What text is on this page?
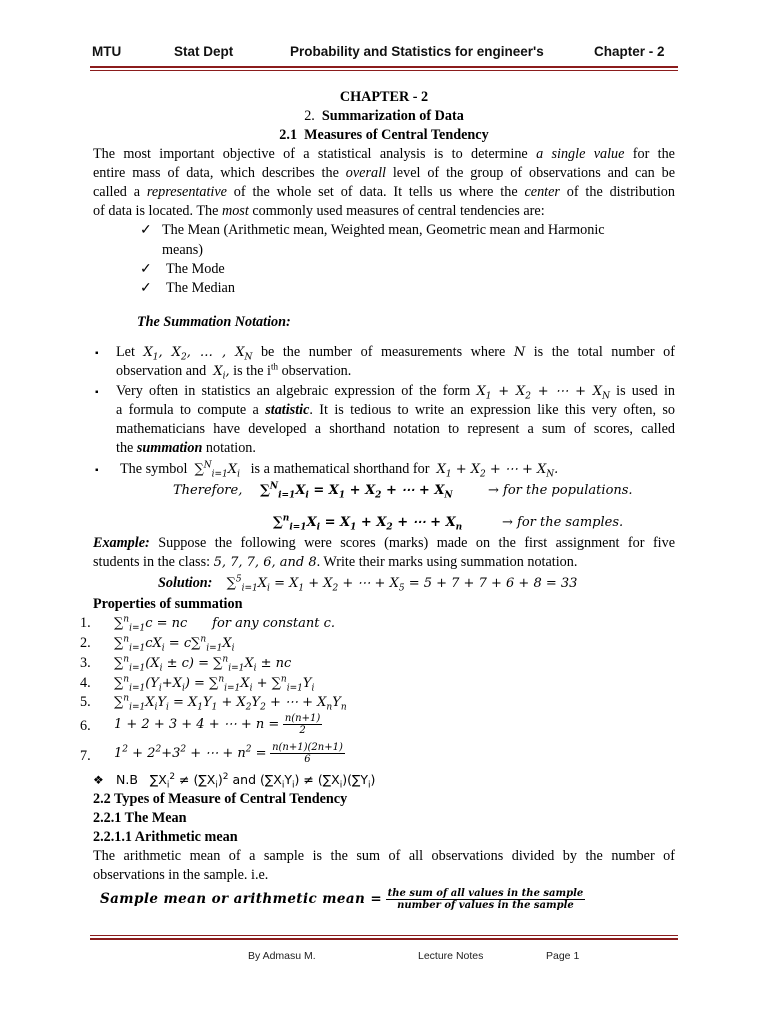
MTU	Stat Dept	Probability and Statistics for engineer's	Chapter - 2
CHAPTER - 2
2. Summarization of Data
2.1 Measures of Central Tendency
The most important objective of a statistical analysis is to determine a single value for the
entire mass of data, which describes the overall level of the group of observations and can be
called a representative of the whole set of data. It tells us where the center of the distribution
of data is located. The most commonly used measures of central tendencies are:
✓ The Mean (Arithmetic mean, Weighted mean, Geometric mean and Harmonic
means)
✓ The Mode
✓ The Median
The Summation Notation:
▪ Let $X_1$, $X_2$, … , $X_N$ be the number of measurements where N is the total number of
observation and  $X_i$, is the $i^{th}$ observation.
▪ Very often in statistics an algebraic expression of the form $X_1 + X_2$ + ⋯ + $X_N$ is used in
a formula to compute a statistic. It is tedious to write an expression like this very often, so
mathematicians have developed a shorthand notation to represent a sum of scores, called
the summation notation.
▪ The symbol  $\sum^N_{i=1}X_i$   is a mathematical shorthand for  $X_1 + X_2$ + ⋯ + $X_N$.
Therefore, $\sum^N_{i=1}X_i = X_1 + X_2$ + ⋯ + $X_N$	→ for the populations.
$\sum^n_{i=1}X_i = X_1 + X_2$ + ⋯ + $X_n$	→ for the samples.
Example: Suppose the following were scores (marks) made on the first assignment for five
students in the class: 5, 7, 7, 6, and 8. Write their marks using summation notation.
Solution: $\sum^5_{i=1}X_i = X_1 + X_2$ + ⋯ + $X_5 = 5 + 7 + 7 + 6 + 8 = 33$
Properties of summation
1. ∑$^n_{i=1}$c = nc for any constant c.
2. $\sum^n_{i=1}cX_i = c\sum^n_{i=1}X_i$
3. $\sum^n_{i=1}(X_i \pm c) = \sum^n_{i=1}X_i$ ± nc
4. $\sum^n_{i=1}(Y_i+X_i) = \sum^n_{i=1}X_i + \sum^n_{i=1}Y_i$
5. $\sum^n_{i=1}X_iY_i = X_1Y_1 + X_2Y_2$ + ⋯ + $X_nY_n$
6. 1 + 2 + 3 + 4 + ⋯ + $n = \frac{n(n+1)}{2}$
7. $1^2 + 2^2+3^2$ + ⋯ + $n^2 = \frac{n(n+1)(2n+1)}{6}$
❖ N.B $\sum X_i^2 \ne (\sum X_i)^2$ and $(\sum X_iY_i) \ne (\sum X_i)(\sum Y_i)$
2.2 Types of Measure of Central Tendency
2.2.1 The Mean
2.2.1.1 Arithmetic mean
The arithmetic mean of a sample is the sum of all observations divided by the number of
observations in the sample. i.e.
Sample mean or arithmetic mean = $\frac{\text{the sum of all values in the sample}}{\text{number of values in the sample}}$
By Admasu M.	Lecture Notes	Page 1
